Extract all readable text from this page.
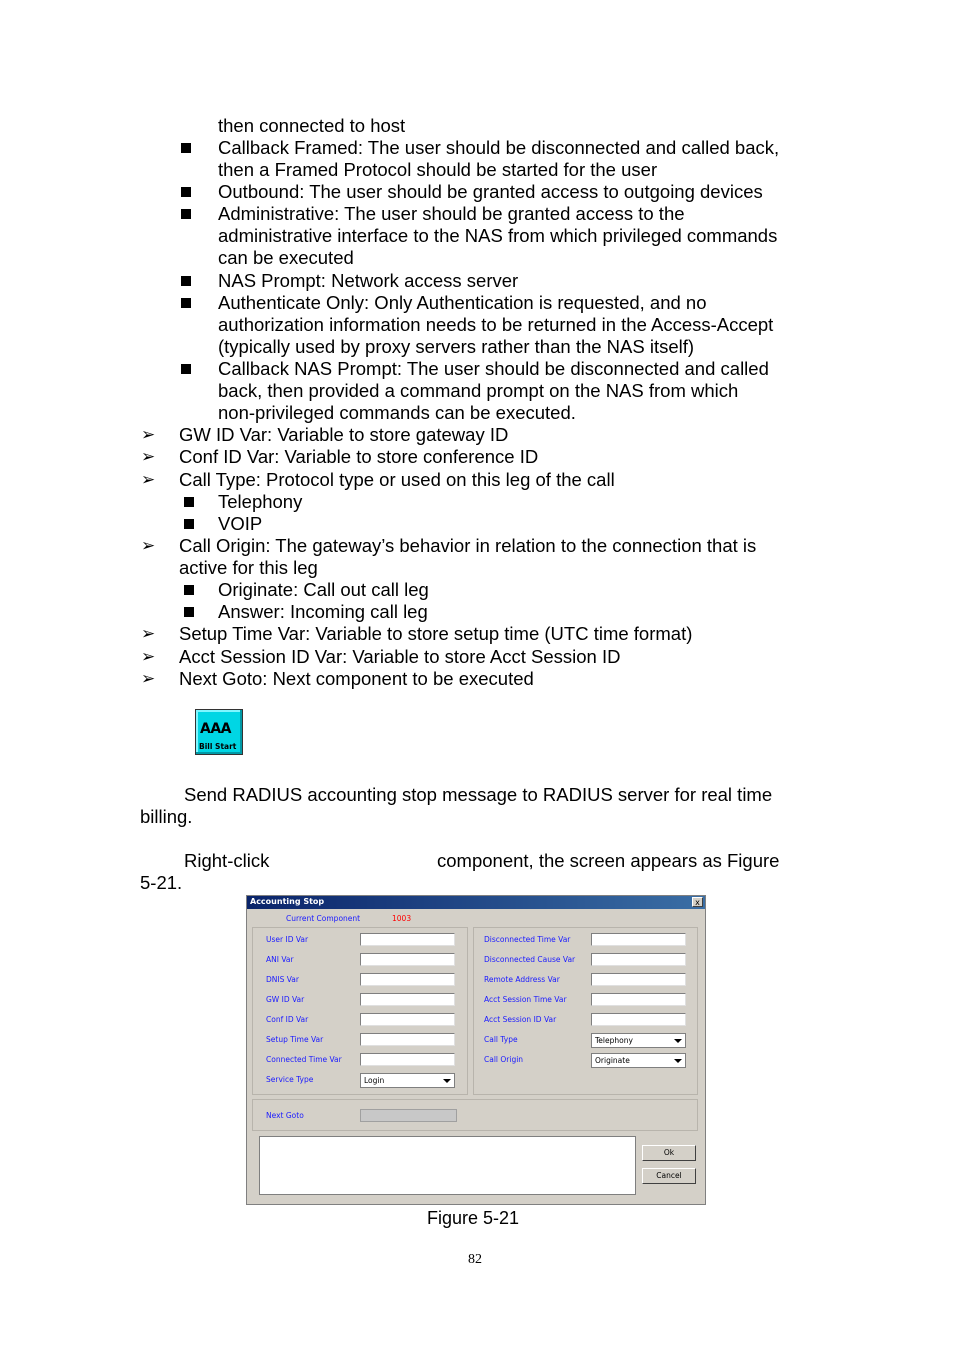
then connected to host
Callback Framed: The user should be disconnected and called back,
then a Framed Protocol should be started for the user
Outbound: The user should be granted access to outgoing devices
Administrative: The user should be granted access to the
administrative interface to the NAS from which privileged commands
can be executed
NAS Prompt: Network access server
Authenticate Only: Only Authentication is requested, and no
authorization information needs to be returned in the Access-Accept
(typically used by proxy servers rather than the NAS itself)
Callback NAS Prompt: The user should be disconnected and called
back, then provided a command prompt on the NAS from which
non-privileged commands can be executed.
➢ GW ID Var: Variable to store gateway ID
➢ Conf ID Var: Variable to store conference ID
➢ Call Type: Protocol type or used on this leg of the call
Telephony
VOIP
➢ Call Origin: The gateway’s behavior in relation to the connection that is
active for this leg
Originate: Call out call leg
Answer: Incoming call leg
➢ Setup Time Var: Variable to store setup time (UTC time format)
➢ Acct Session ID Var: Variable to store Acct Session ID
➢ Next Goto: Next component to be executed
AAA
Bill Start
Send RADIUS accounting stop message to RADIUS server for real time
billing.
Right-click	component, the screen appears as Figure
5-21.
Accounting Stop	x
Current Component	1003
User ID Var
ANI Var
DNIS Var
GW ID Var
Conf ID Var
Setup Time Var
Connected Time Var
Service Type	Login
Disconnected Time Var
Disconnected Cause Var
Remote Address Var
Acct Session Time Var
Acct Session ID Var
Call Type	Telephony
Call Origin	Originate
Next Goto
Ok
Cancel
Figure 5-21
82
